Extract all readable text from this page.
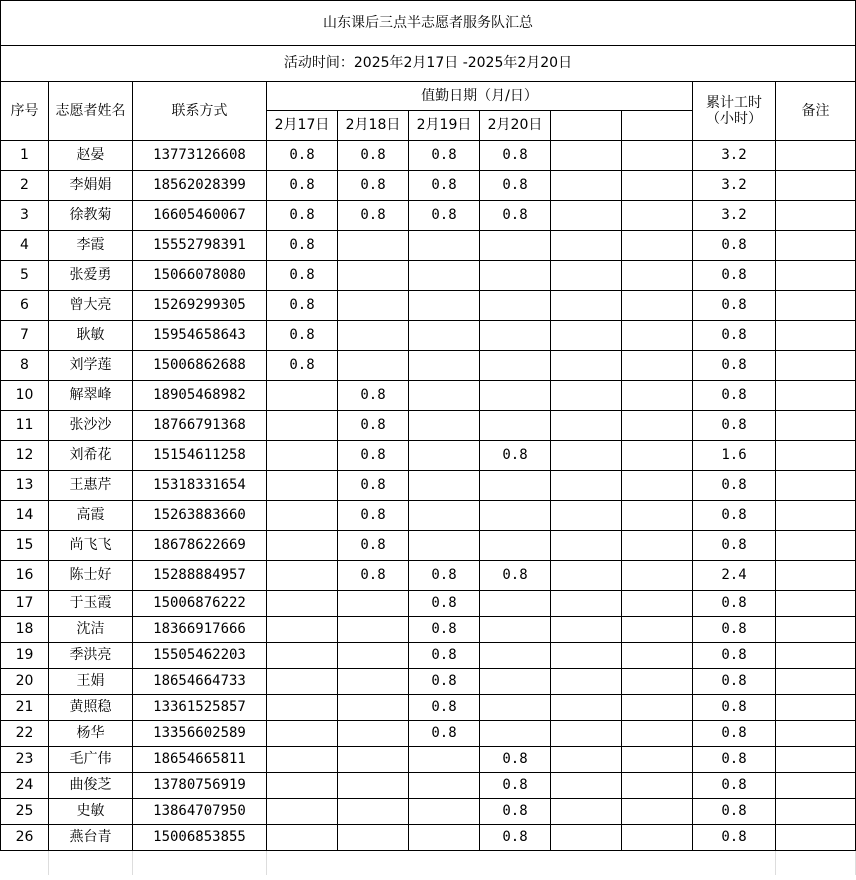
山东课后三点半志愿者服务队汇总										
活动时间：2025年2月17日 -2025年2月20日										
序号	志愿者姓名	联系方式	值勤日期（月/日）						累计工时
（小时）	备注
			2月17日	2月18日	2月19日	2月20日				
1	赵晏	13773126608	0.8	0.8	0.8	0.8			3.2	
2	李娟娟	18562028399	0.8	0.8	0.8	0.8			3.2	
3	徐教菊	16605460067	0.8	0.8	0.8	0.8			3.2	
4	李霞	15552798391	0.8						0.8	
5	张爱勇	15066078080	0.8						0.8	
6	曾大亮	15269299305	0.8						0.8	
7	耿敏	15954658643	0.8						0.8	
8	刘学莲	15006862688	0.8						0.8	
10	解翠峰	18905468982		0.8					0.8	
11	张沙沙	18766791368		0.8					0.8	
12	刘希花	15154611258		0.8		0.8			1.6	
13	王惠芹	15318331654		0.8					0.8	
14	高霞	15263883660		0.8					0.8	
15	尚飞飞	18678622669		0.8					0.8	
16	陈士好	15288884957		0.8	0.8	0.8			2.4	
17	于玉霞	15006876222			0.8				0.8	
18	沈洁	18366917666			0.8				0.8	
19	季洪亮	15505462203			0.8				0.8	
20	王娟	18654664733			0.8				0.8	
21	黄照稳	13361525857			0.8				0.8	
22	杨华	13356602589			0.8				0.8	
23	毛广伟	18654665811				0.8			0.8	
24	曲俊芝	13780756919				0.8			0.8	
25	史敏	13864707950				0.8			0.8	
26	燕台青	15006853855				0.8			0.8	
